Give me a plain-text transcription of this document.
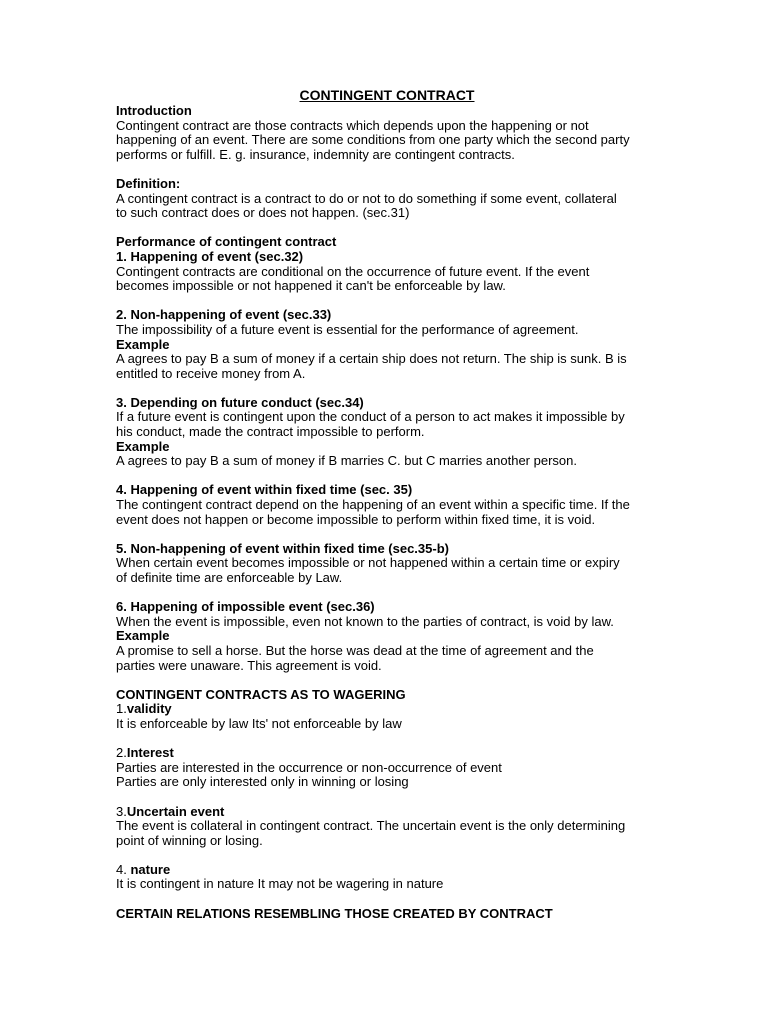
CONTINGENT CONTRACT
Introduction
Contingent contract are those contracts which depends upon the happening or not
happening of an event. There are some conditions from one party which the second party
performs or fulfill. E. g. insurance, indemnity are contingent contracts.
Definition:
A contingent contract is a contract to do or not to do something if some event, collateral
to such contract does or does not happen. (sec.31)
Performance of contingent contract
1. Happening of event (sec.32)
Contingent contracts are conditional on the occurrence of future event. If the event
becomes impossible or not happened it can't be enforceable by law.
2. Non-happening of event (sec.33)
The impossibility of a future event is essential for the performance of agreement.
Example
A agrees to pay B a sum of money if a certain ship does not return. The ship is sunk. B is
entitled to receive money from A.
3. Depending on future conduct (sec.34)
If a future event is contingent upon the conduct of a person to act makes it impossible by
his conduct, made the contract impossible to perform.
Example
A agrees to pay B a sum of money if B marries C. but C marries another person.
4. Happening of event within fixed time (sec. 35)
The contingent contract depend on the happening of an event within a specific time. If the
event does not happen or become impossible to perform within fixed time, it is void.
5. Non-happening of event within fixed time (sec.35-b)
When certain event becomes impossible or not happened within a certain time or expiry
of definite time are enforceable by Law.
6. Happening of impossible event (sec.36)
When the event is impossible, even not known to the parties of contract, is void by law.
Example
A promise to sell a horse. But the horse was dead at the time of agreement and the
parties were unaware. This agreement is void.
CONTINGENT CONTRACTS AS TO WAGERING
1.validity
It is enforceable by law Its' not enforceable by law
2.Interest
Parties are interested in the occurrence or non-occurrence of event
Parties are only interested only in winning or losing
3.Uncertain event
The event is collateral in contingent contract. The uncertain event is the only determining
point of winning or losing.
4. nature
It is contingent in nature It may not be wagering in nature
CERTAIN RELATIONS RESEMBLING THOSE CREATED BY CONTRACT
